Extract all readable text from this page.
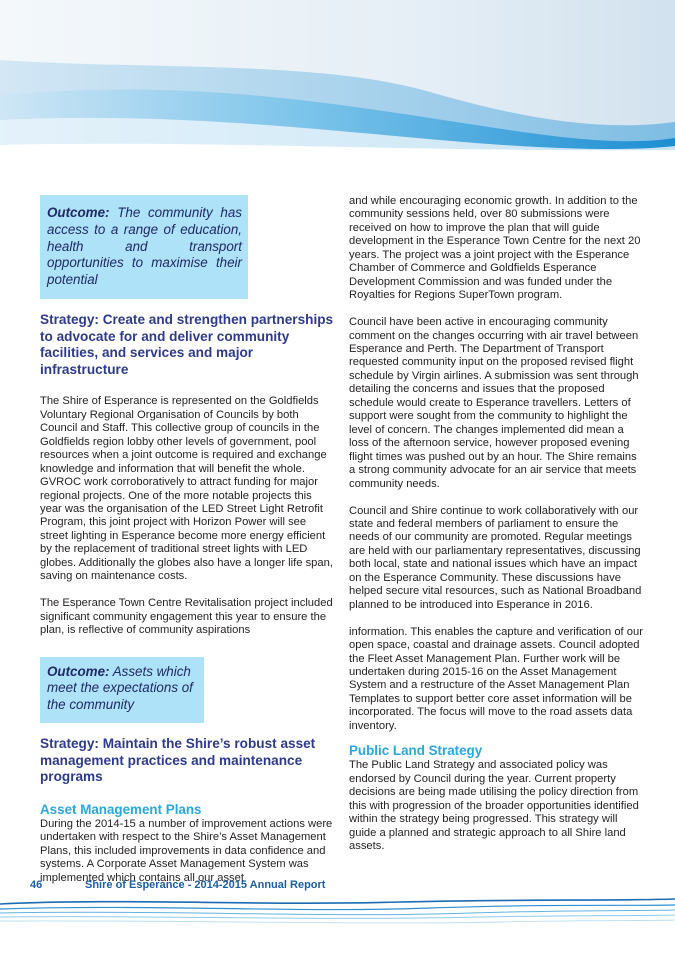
Outcome: The community has access to a range of education, health and transport opportunities to maximise their potential
Strategy: Create and strengthen partnerships to advocate for and deliver community facilities, and services and major infrastructure

The Shire of Esperance is represented on the Goldfields Voluntary Regional Organisation of Councils by both Council and Staff. This collective group of councils in the Goldfields region lobby other levels of government, pool resources when a joint outcome is required and exchange knowledge and information that will benefit the whole. GVROC work corroboratively to attract funding for major regional projects. One of the more notable projects this year was the organisation of the LED Street Light Retrofit Program, this joint project with Horizon Power will see street lighting in Esperance become more energy efficient by the replacement of traditional street lights with LED globes. Additionally the globes also have a longer life span, saving on maintenance costs.

The Esperance Town Centre Revitalisation project included significant community engagement this year to ensure the plan, is reflective of community aspirations

Outcome: Assets which meet the expectations of the community
Strategy: Maintain the Shire’s robust asset management practices and maintenance programs
Asset Management Plans

During the 2014-15 a number of improvement actions were undertaken with respect to the Shire’s Asset Management Plans, this included improvements in data confidence and systems. A Corporate Asset Management System was implemented which contains all our asset

and while encouraging economic growth. In addition to the community sessions held, over 80 submissions were received on how to improve the plan that will guide development in the Esperance Town Centre for the next 20 years. The project was a joint project with the Esperance Chamber of Commerce and Goldfields Esperance Development Commission and was funded under the Royalties for Regions SuperTown program.

Council have been active in encouraging community comment on the changes occurring with air travel between Esperance and Perth. The Department of Transport requested community input on the proposed revised flight schedule by Virgin airlines. A submission was sent through detailing the concerns and issues that the proposed schedule would create to Esperance travellers. Letters of support were sought from the community to highlight the level of concern. The changes implemented did mean a loss of the afternoon service, however proposed evening flight times was pushed out by an hour. The Shire remains a strong community advocate for an air service that meets community needs.

Council and Shire continue to work collaboratively with our state and federal members of parliament to ensure the needs of our community are promoted. Regular meetings are held with our parliamentary representatives, discussing both local, state and national issues which have an impact on the Esperance Community. These discussions have helped secure vital resources, such as National Broadband planned to be introduced into Esperance in 2016.

information. This enables the capture and verification of our open space, coastal and drainage assets. Council adopted the Fleet Asset Management Plan. Further work will be undertaken during 2015-16 on the Asset Management System and a restructure of the Asset Management Plan Templates to support better core asset information will be incorporated. The focus will move to the road assets data inventory.

Public Land Strategy

The Public Land Strategy and associated policy was endorsed by Council during the year. Current property decisions are being made utilising the policy direction from this with progression of the broader opportunities identified within the strategy being progressed. This strategy will guide a planned and strategic approach to all Shire land assets.

46	Shire of Esperance - 2014-2015 Annual Report
